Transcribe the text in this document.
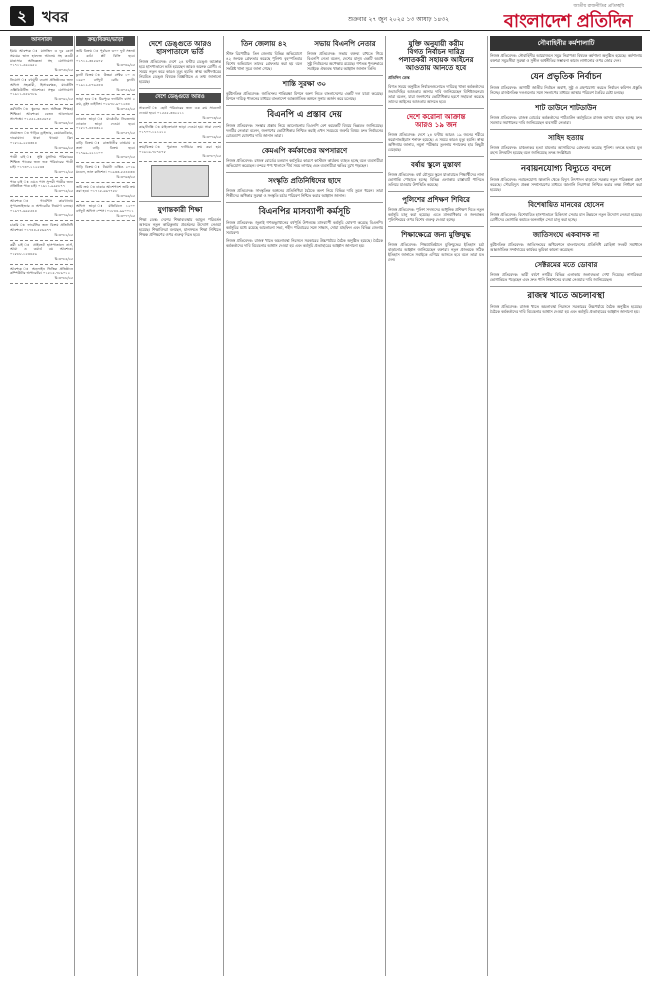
২	খবর	শুক্রবার ২৭ জুন ২০২৫ ১৩ আষাঢ় ১৪৩২
জাতীয় রাজনীতির প্রতিচ্ছবি
বাংলাদেশ প্রতিদিন
আনসারদ
ইমাম আবশ্যক ঃ মাসজিদ ও দুর কোর্স সময়ের ভাল হাফেজ আলেম সহ কওমী মাদ্রাসার অভিজ্ঞতা সহ যোগাযোগ ০১৭১১-৫৬২৬৫২
বি-৩০৫৮/২৫
নিয়োগ ঃ বহুমুখী ব্যবসা প্রতিষ্ঠানের জন্য অফিস সহকারী, হিসাবরক্ষক, মার্কেটিং এক্সিকিউটিভ আবশ্যক। সত্বর যোগাযোগ ০১৯১১-৪৫৬৭৮৯
বি-৩০৬১/২৫
কর্মখালি ঃ স্কুলের জন্য অভিজ্ঞ শিক্ষক/শিক্ষিকা আবশ্যক। বেতন আলোচনা সাপেক্ষে। ০১৫৫২-৩৪৫৬৭৮
বি-৩০৬৪/২৫
প্রয়োজন ঃ গাড়ির ড্রাইভার, কেয়ারটেকার, দারোয়ান। থাকা খাওয়া ফ্রি। ০১৮১৯-২২৩৩৪৪
বি-৩০৬৯/২৫
পাত্রী চাই ঃ সুন্নি মুসলিম পরিবারের শিক্ষিত পাত্রের জন্য ভদ্র পরিবারের পাত্রী চাই। ০১৭৩০-১১২২৩৩
বি-৩০৭২/২৫
পাত্র চাই ঃ এমএ পাস সুন্দরী পাত্রীর জন্য প্রতিষ্ঠিত পাত্র চাই। ০১৬১১-৯৯৮৮৭৭
বি-৩০৭৫/২৫
আবশ্যক ঃ গার্মেন্টস কারখানায় সুপারভাইজার ও অপারেটর নিয়োগ চলছে। ০১৯৭৭-৬৬৫৫৪৪
বি-৩০৭৯/২৫
চাকরি ঃ ফার্মেসির জন্য বিক্রয় প্রতিনিধি আবশ্যক। ০১৭৪৪-৫৫৬৬৭৭
বি-৩০৮২/২৫
কর্মী চাই ঃ প্রাইভেট হাসপাতালে নার্স, আয়া ও ওয়ার্ড বয় আবশ্যক। ০১৮৮৮-১২৩৪৫৬
বি-৩০৮৫/২৫
আবশ্যক ঃ অনলাইন ভিত্তিক প্রতিষ্ঠানে কম্পিউটার অপারেটর। ০১৫১৫-৭৮৯০১২
বি-৩০৮৮/২৫
ক্রয়/বিক্রয়/ভাড়া
জমি বিক্রয় ঃ পূর্বাচল ৩০০ ফুট সংলগ্ন ৫ কাঠা প্লট বিক্রি হবে। ০১৭১২-৩৪৫৬৭৮
বি-৩০৪৯/২৫
ফ্ল্যাট বিক্রয় ঃ উত্তরা সেক্টর ১০ এ ১৬৫০ বর্গফুট রেডি ফ্ল্যাট। ০১৯১২-৮৭৬৫৪৩
বি-৩০৫২/২৫
ভাড়া হবে ঃ মিরপুরে ফ্যামিলি বাসা ২ রুম, ড্রইং ডাইনিং। ০১৬৭৮-৯০১২৩৪
বি-৩০৫৫/২৫
দোকান ভাড়া ঃ মার্কেটের নিচতলায় দোকান ভাড়া দেওয়া হবে। ০১৮১৭-৪৪৩৩২২
বি-৩০৫৭/২৫
বাড়ি বিক্রয় ঃ রাজধানীর বাড্ডায় ৪ তলা বাড়ি বিক্রয় হবে। ০১৭৯৯-২২১১০০
বি-৩০৬০/২৫
গাড়ি বিক্রয় ঃ টয়োটা এক্সিও ২০১৬ মডেল, ভাল কন্ডিশন। ০১৯৩৩-৫৫৪৪৩৩
বি-৩০৬৩/২৫
জমি ক্রয় ঃ ঢাকার আশেপাশে জমি ক্রয় করা হবে। ০১৭১৮-৬৬৭৭৮৮
বি-৩০৬৬/২৫
অফিস ভাড়া ঃ মতিঝিলে ১২০০ বর্গফুট অফিস স্পেস। ০১৮৪৪-৯৯০০১১
বি-৩০৭০/২৫
দেশে ডেঙ্গুতে আরও
হাসপাতালে ভর্তি
নিজস্ব প্রতিবেদক: দেশে ২৪ ঘণ্টায় ডেঙ্গু আক্রান্ত হয়ে হাসপাতালে ভর্তি হয়েছেন আরও অনেক রোগী। এ সময়ে নতুন করে কারও মৃত্যু হয়নি। স্বাস্থ্য অধিদপ্তরের নিয়মিত ডেঙ্গু বিষয়ক বিজ্ঞপ্তিতে এ তথ্য জানানো হয়েছে।
দেশে ডেঙ্গুতে আরও
সাবলেট ঃ ছোট পরিবারের জন্য এক রুম সাবলেট দেওয়া হবে। ০১৫৫৫-৩৩২২১১
বি-৩০৭৩/২৫
কার/ট্যাক্সি ঃ মাইক্রোবাস ভাড়া দেওয়া হয়। সারা দেশে। ০১৭০০-১২১২১২
বি-৩০৭৬/২৫
ক্রয়/বিক্রয় ঃ পুরাতন ফার্নিচার ক্রয় করা হয়। ০১৬১৬-৭৮৭৮৭৮
বি-৩০৮০/২৫
যুগান্তকারী শিক্ষা
শিক্ষা ডেস্ক: দেশের শিক্ষাব্যবস্থায় আমূল পরিবর্তন আনতে নতুন কারিকুলাম প্রবর্তনের উদ্যোগ নেওয়া হয়েছে। শিক্ষাবিদরা বলছেন, মানসম্মত শিক্ষা নিশ্চিতে শিক্ষক প্রশিক্ষণের ওপর গুরুত্ব দিতে হবে।
তিন জেলায় ৪২
স্টাফ রিপোর্টার: তিন জেলায় বিভিন্ন অভিযোগে ৪২ জনকে গ্রেফতার করেছে পুলিশ। বৃহস্পতিবার বিশেষ অভিযানে তাদের গ্রেফতার করা হয় বলে সংশ্লিষ্ট থানা সূত্রে জানা গেছে।
সভায় বিএনপি নেতার
নিজস্ব প্রতিবেদক: সভায় বক্তব্য রাখতে গিয়ে বিএনপি নেতা বলেন, দেশের মানুষ একটি অবাধ সুষ্ঠু নির্বাচনের অপেক্ষায় রয়েছে। গণতন্ত্র পুনরুদ্ধারে সবাইকে ঐক্যবদ্ধ থাকার আহ্বান জানান তিনি।
শান্তি সুরক্ষা ৩০
কূটনৈতিক প্রতিবেদক: জাতিসংঘ শান্তিরক্ষা মিশনে অংশ নিতে বাংলাদেশের একটি দল যাত্রা করেছে। মিশনে দায়িত্ব পালনের মাধ্যমে বাংলাদেশ আন্তর্জাতিক অঙ্গনে সুনাম অর্জন করে চলেছে।
বিএনপি এ প্রস্তাব দেয়
নিজস্ব প্রতিবেদক: সংস্কার প্রস্তাব নিয়ে আলোচনায় বিএনপি বেশ কয়েকটি বিষয়ে ভিন্নমত জানিয়েছে। দলটির নেতারা বলেন, জনগণের ভোটাধিকার নিশ্চিত করাই এখন সবচেয়ে জরুরি বিষয়। দ্রুত নির্বাচনের রোডম্যাপ ঘোষণার দাবি জানান তারা।
কেমএপি কর্মকাণ্ডের অপসারণে
নিজস্ব প্রতিবেদক: রাজস্ব বোর্ডের চলমান কর্মসূচির কারণে কাস্টমস কার্যক্রম ব্যাহত হচ্ছে বলে ব্যবসায়ীরা অভিযোগ করেছেন। বন্দরে পণ্য খালাসে দীর্ঘ সময় লাগছে এবং ব্যবসায়ীরা ক্ষতির মুখে পড়ছেন।
সংস্কৃতি প্রতিনিধিদের ছাদে
নিজস্ব প্রতিবেদক: সাংস্কৃতিক অঙ্গনের প্রতিনিধিরা বৈঠকে অংশ নিয়ে বিভিন্ন দাবি তুলে ধরেন। তারা শিল্পীদের অধিকার সুরক্ষা ও সংস্কৃতি চর্চার পরিবেশ নিশ্চিত করার আহ্বান জানান।
বিএনপির মাসব্যাপী কর্মসূচি
নিজস্ব প্রতিবেদক: জুলাই গণঅভ্যুত্থানের বর্ষপূর্তি উপলক্ষে মাসব্যাপী কর্মসূচি ঘোষণা করেছে বিএনপি। কর্মসূচির মধ্যে রয়েছে আলোচনা সভা, শহীদ পরিবারের সঙ্গে সাক্ষাৎ, দোয়া মাহফিল এবং বিভিন্ন জেলায় সমাবেশ।
নিজস্ব প্রতিবেদক: রাজস্ব খাতে অচলাবস্থা নিরসনে সরকারের উচ্চপর্যায়ে বৈঠক অনুষ্ঠিত হয়েছে। বৈঠকে কর্মকর্তাদের দাবি বিবেচনার আশ্বাস দেওয়া হয় এবং কর্মসূচি প্রত্যাহারের আহ্বান জানানো হয়।
যুক্তি অনুযায়ী করীম
বিগত নির্বাচন দারিদ্র
পলাতকরী সহায়ক আইনের
আওতায় আনতে হবে
প্রতিদিন ডেস্ক
বিগত সময়ে অনুষ্ঠিত নির্বাচনগুলোতে দায়িত্বে থাকা কর্মকর্তাদের জবাবদিহির আওতায় আনার দাবি জানিয়েছেন বিশিষ্টজনেরা। তারা বলেন, যারা জনগণের ভোটাধিকার হরণে সহায়তা করেছে তাদের আইনের আওতায় আনতে হবে।
দেশে করোনা আক্রান্ত
আরও ১৯ জন
নিজস্ব প্রতিবেদক: দেশে ২৪ ঘণ্টায় আরও ১৯ জনের শরীরে করোনাভাইরাস শনাক্ত হয়েছে। এ সময়ে কারও মৃত্যু হয়নি। স্বাস্থ্য অধিদপ্তর জানায়, নমুনা পরীক্ষার তুলনায় শনাক্তের হার কিছুটা বেড়েছে।
বর্ষায় স্কুলে মুস্তাফা
নিজস্ব প্রতিবেদক: বর্ষা মৌসুমে স্কুলে যাতায়াতে শিক্ষার্থীদের নানা ভোগান্তি পোহাতে হচ্ছে। বিভিন্ন এলাকায় রাস্তাঘাট পানিতে তলিয়ে যাওয়ায় উপস্থিতি কমেছে।
পুলিশের প্রশিক্ষণ শিবিরে
নিজস্ব প্রতিবেদক: পুলিশ সদস্যদের আধুনিক প্রশিক্ষণ দিতে নতুন কর্মসূচি চালু করা হয়েছে। এতে মানবাধিকার ও জনবান্ধব পুলিশিংয়ের ওপর বিশেষ গুরুত্ব দেওয়া হচ্ছে।
শিক্ষাক্ষেত্রে জন্য মুক্তিযুদ্ধ
নিজস্ব প্রতিবেদক: শিক্ষাপ্রতিষ্ঠানে মুক্তিযুদ্ধের ইতিহাস চর্চা বাড়ানোর আহ্বান জানিয়েছেন বক্তারা। নতুন প্রজন্মকে সঠিক ইতিহাস জানাতে সবাইকে এগিয়ে আসতে হবে বলে তারা মত দেন।
নৌবাহিনীর কর্মশালাটি
নিজস্ব প্রতিবেদক: নৌবাহিনীর আয়োজনে সমুদ্র নিরাপত্তা বিষয়ক কর্মশালা অনুষ্ঠিত হয়েছে। কর্মশালায় বক্তারা সমুদ্রসীমা সুরক্ষা ও সুনীল অর্থনীতির সম্ভাবনা কাজে লাগানোর ওপর জোর দেন।
যেন প্রভৃতিক নির্বাচন
নিজস্ব প্রতিবেদক: আগামী জাতীয় নির্বাচন অবাধ, সুষ্ঠু ও গ্রহণযোগ্য করতে নির্বাচন কমিশন প্রস্তুতি নিচ্ছে। রাজনৈতিক দলগুলোর সঙ্গে সংলাপের মাধ্যমে আস্থার পরিবেশ তৈরির চেষ্টা চলছে।
শাট ডাউনে শাটডাউন
নিজস্ব প্রতিবেদক: রাজস্ব বোর্ডের কর্মকর্তাদের শাটডাউন কর্মসূচিতে রাজস্ব আদায় ব্যাহত হচ্ছে। দ্রুত সমস্যার সমাধানের দাবি জানিয়েছেন ব্যবসায়ী নেতারা।
সাহিদ হত্যায়
নিজস্ব প্রতিবেদক: চাঞ্চল্যকর হত্যা মামলার আসামিদের গ্রেফতার করেছে পুলিশ। তদন্তে হত্যার মূল রহস্য উদঘাটন হয়েছে বলে জানিয়েছে তদন্ত সংশ্লিষ্টরা।
নবায়নযোগ্য বিদ্যুতে বদলে
নিজস্ব প্রতিবেদক: নবায়নযোগ্য জ্বালানি থেকে বিদ্যুৎ উৎপাদন বাড়াতে সরকার নতুন পরিকল্পনা গ্রহণ করেছে। সৌরবিদ্যুৎ প্রকল্প সম্প্রসারণের মাধ্যমে জ্বালানি নিরাপত্তা নিশ্চিত করার লক্ষ্য নির্ধারণ করা হয়েছে।
বিশেষায়িত মানবের হোসেন
নিজস্ব প্রতিবেদক: বিশেষায়িত হাসপাতালে চিকিৎসা সেবার মান উন্নয়নে নতুন উদ্যোগ নেওয়া হয়েছে। রোগীদের ভোগান্তি কমাতে অনলাইন সেবা চালু করা হচ্ছে।
জাতিসংঘে একবাদক না
কূটনৈতিক প্রতিবেদক: জাতিসংঘের অধিবেশনে বাংলাদেশের প্রতিনিধি রোহিঙ্গা সংকট সমাধানে আন্তর্জাতিক সম্প্রদায়ের কার্যকর ভূমিকা কামনা করেছেন।
সেক্টরমের মতে ডোবার
নিজস্ব প্রতিবেদক: ভারী বর্ষণে নগরীর বিভিন্ন এলাকায় জলাবদ্ধতা দেখা দিয়েছে। নাগরিকরা ভোগান্তিতে পড়েছেন এবং দ্রুত পানি নিষ্কাশনের ব্যবস্থা নেওয়ার দাবি জানিয়েছেন।
রাজস্ব খাতে অচলাবস্থা
নিজস্ব প্রতিবেদক: রাজস্ব খাতে অচলাবস্থা নিরসনে সরকারের উচ্চপর্যায়ে বৈঠক অনুষ্ঠিত হয়েছে। বৈঠকে কর্মকর্তাদের দাবি বিবেচনার আশ্বাস দেওয়া হয় এবং কর্মসূচি প্রত্যাহারের আহ্বান জানানো হয়।
